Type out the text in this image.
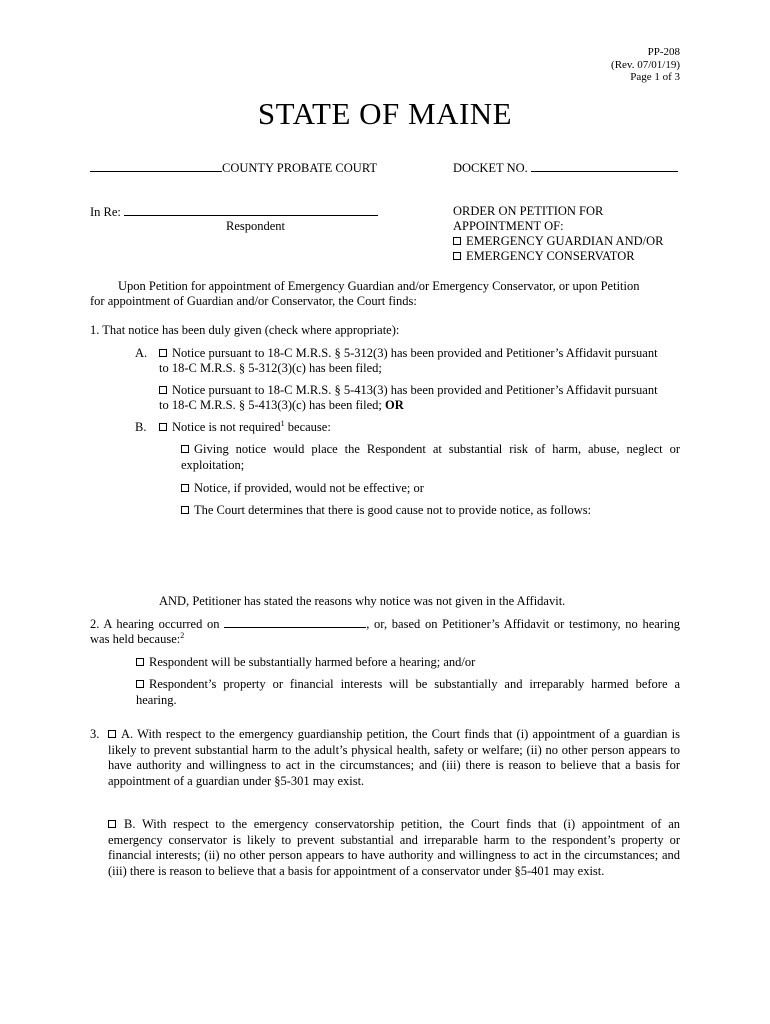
PP-208
(Rev. 07/01/19)
Page 1 of 3
STATE OF MAINE
COUNTY PROBATE COURT	DOCKET NO.
In Re:
Respondent
ORDER ON PETITION FOR
APPOINTMENT OF:
EMERGENCY GUARDIAN AND/OR
EMERGENCY CONSERVATOR
Upon Petition for appointment of Emergency Guardian and/or Emergency Conservator, or upon Petition
for appointment of Guardian and/or Conservator, the Court finds:
1. That notice has been duly given (check where appropriate):
A.	Notice pursuant to 18-C M.R.S. § 5-312(3) has been provided and Petitioner’s Affidavit pursuant
to 18-C M.R.S. § 5-312(3)(c) has been filed;
Notice pursuant to 18-C M.R.S. § 5-413(3) has been provided and Petitioner’s Affidavit pursuant
to 18-C M.R.S. § 5-413(3)(c) has been filed; OR
B.	Notice is not required$^1$ because:
Giving notice would place the Respondent at substantial risk of harm, abuse, neglect or
exploitation;
Notice, if provided, would not be effective; or
The Court determines that there is good cause not to provide notice, as follows:
AND, Petitioner has stated the reasons why notice was not given in the Affidavit.
2. A hearing occurred on	, or, based on Petitioner’s Affidavit or testimony, no hearing
was held because:$^2$
Respondent will be substantially harmed before a hearing; and/or
Respondent’s property or financial interests will be substantially and irreparably harmed before a
hearing.
3.	A. With respect to the emergency guardianship petition, the Court finds that (i) appointment of a guardian is likely to prevent substantial harm to the adult’s physical health, safety or welfare; (ii) no other person appears to have authority and willingness to act in the circumstances; and (iii) there is reason to believe that a basis for appointment of a guardian under §5-301 may exist.
B. With respect to the emergency conservatorship petition, the Court finds that (i) appointment of an emergency conservator is likely to prevent substantial and irreparable harm to the respondent’s property or financial interests; (ii) no other person appears to have authority and willingness to act in the circumstances; and (iii) there is reason to believe that a basis for appointment of a conservator under §5-401 may exist.
